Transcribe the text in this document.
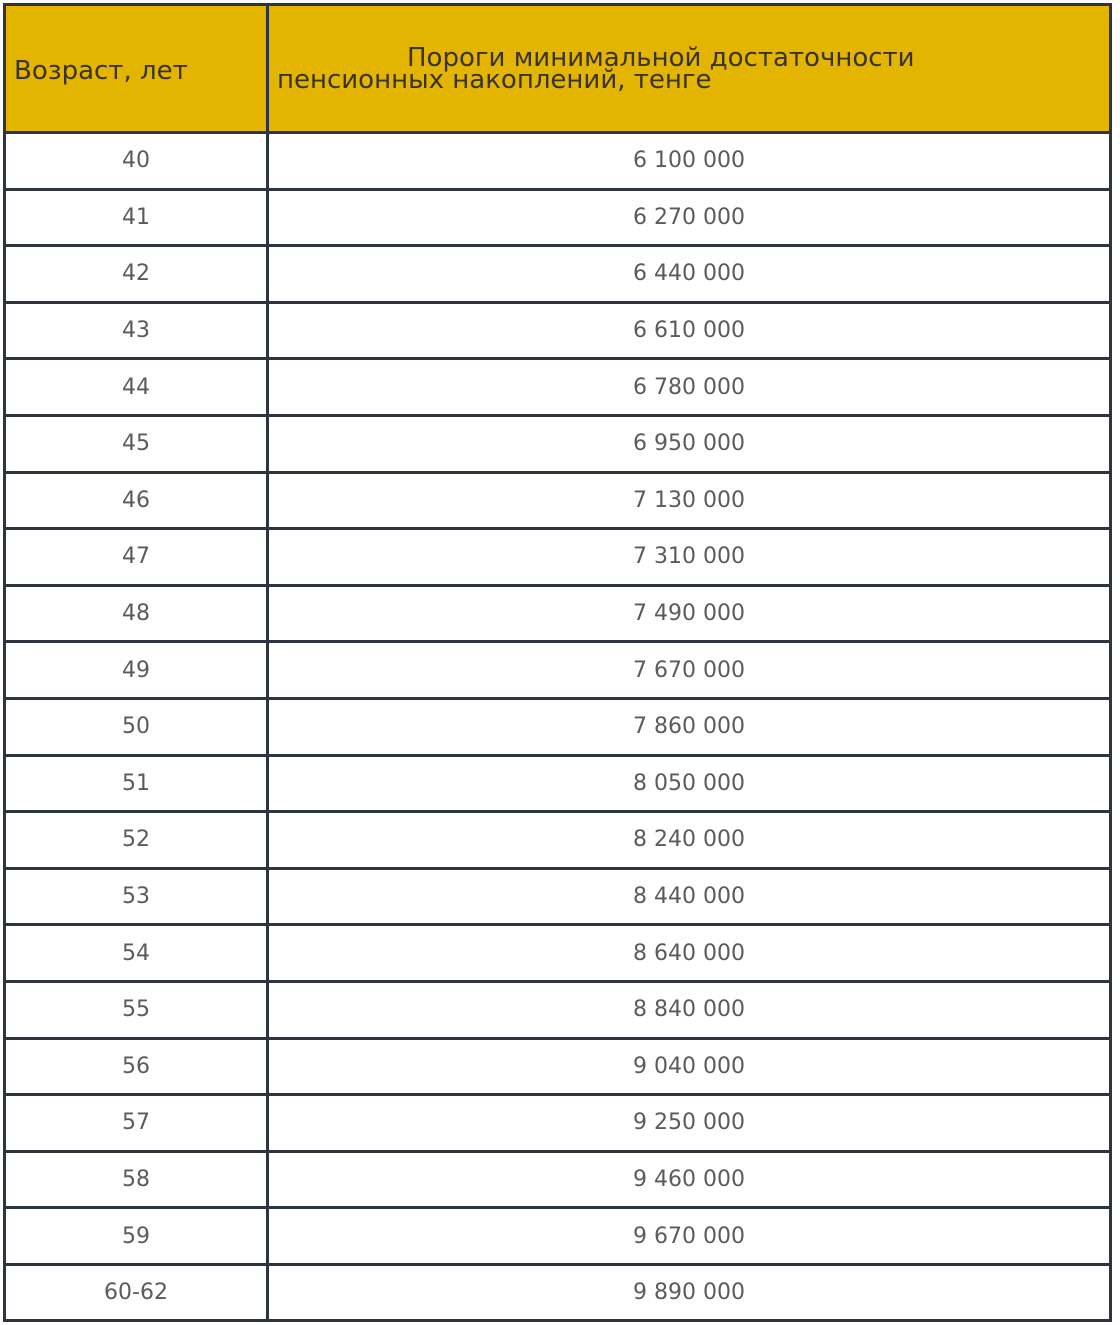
Возраст, лет	Пороги минимальной достаточности
пенсионных накоплений, тенге

40	6 100 000
41	6 270 000
42	6 440 000
43	6 610 000
44	6 780 000
45	6 950 000
46	7 130 000
47	7 310 000
48	7 490 000
49	7 670 000
50	7 860 000
51	8 050 000
52	8 240 000
53	8 440 000
54	8 640 000
55	8 840 000
56	9 040 000
57	9 250 000
58	9 460 000
59	9 670 000
60-62	9 890 000
